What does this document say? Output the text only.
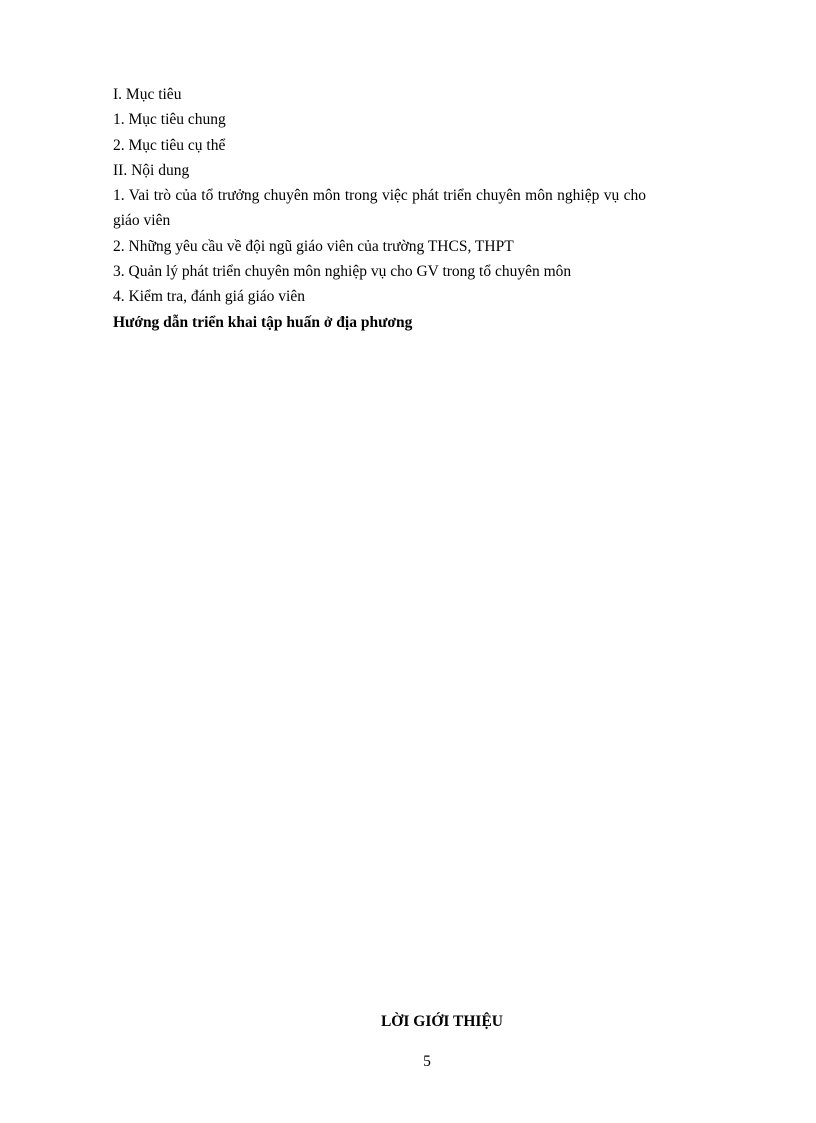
I. Mục tiêu

1. Mục tiêu chung

2. Mục tiêu cụ thể

II. Nội dung

1. Vai trò của tổ trưởng chuyên môn trong việc phát triển chuyên môn nghiệp vụ cho giáo viên

2. Những yêu cầu về đội ngũ giáo viên của trường THCS, THPT

3. Quản lý phát triển chuyên môn nghiệp vụ cho GV trong tổ chuyên môn

4. Kiểm tra, đánh giá giáo viên

Hướng dẫn triển khai tập huấn ở địa phương

LỜI GIỚI THIỆU
5
